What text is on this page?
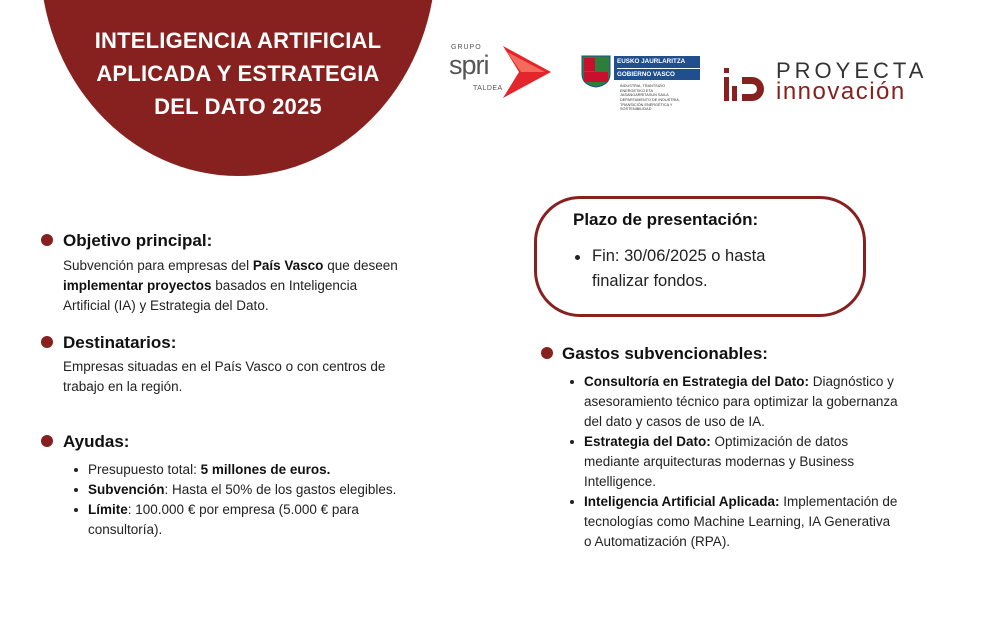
INTELIGENCIA ARTIFICIAL
APLICADA Y ESTRATEGIA
DEL DATO 2025
GRUPO
spri
TALDEA
EUSKO JAURLARITZA
GOBIERNO VASCO
INDUSTRIA, TRANTSIZIO ENERGETIKO ETA JASANGARRITASUN SAILA
DEPARTAMENTO DE INDUSTRIA, TRANSICIÓN ENERGÉTICA Y SOSTENIBILIDAD
PROYECTA
innovación
Objetivo principal:
Subvención para empresas del País Vasco que deseen
implementar proyectos basados en Inteligencia
Artificial (IA) y Estrategia del Dato.
Destinatarios:
Empresas situadas en el País Vasco o con centros de
trabajo en la región.
Ayudas:
Presupuesto total: 5 millones de euros.
Subvención: Hasta el 50% de los gastos elegibles.
Límite: 100.000 € por empresa (5.000 € para
consultoría).
Plazo de presentación:
Fin: 30/06/2025 o hasta
finalizar fondos.
Gastos subvencionables:
Consultoría en Estrategia del Dato: Diagnóstico y
asesoramiento técnico para optimizar la gobernanza
del dato y casos de uso de IA.
Estrategia del Dato: Optimización de datos
mediante arquitecturas modernas y Business
Intelligence.
Inteligencia Artificial Aplicada: Implementación de
tecnologías como Machine Learning, IA Generativa
o Automatización (RPA).
